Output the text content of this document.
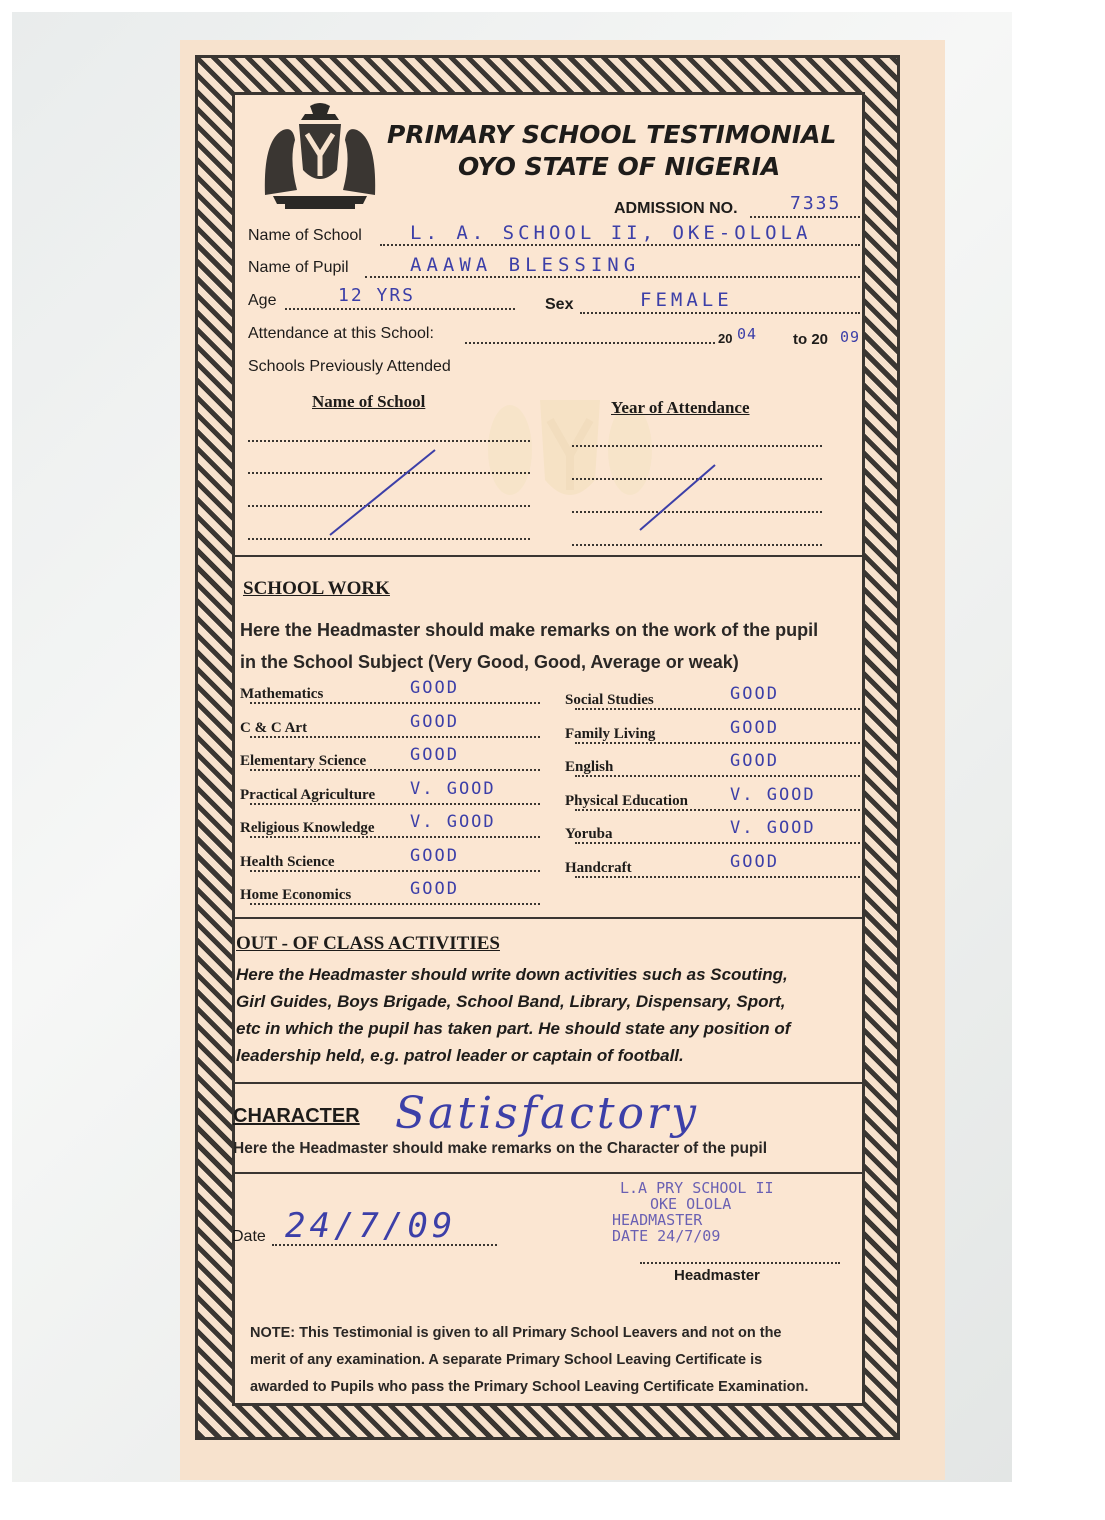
PRIMARY SCHOOL TESTIMONIAL
OYO STATE OF NIGERIA
ADMISSION NO.	7335
Name of School	L. A. SCHOOL II, OKE-OLOLA
Name of Pupil	AAAWA BLESSING
Age	12 YRS	Sex	FEMALE
Attendance at this School:	20 04 to 20 09
Schools Previously Attended
Name of School	Year of Attendance
SCHOOL WORK
Here the Headmaster should make remarks on the work of the pupil
in the School Subject (Very Good, Good, Average or weak)
Mathematics	GOOD
C & C Art	GOOD
Elementary Science	GOOD
Practical Agriculture V. GOOD
Religious Knowledge V. GOOD
Health Science	GOOD
Home Economics	GOOD
Social Studies	GOOD
Family Living	GOOD
English	GOOD
Physical Education V. GOOD
Yoruba	V. GOOD
Handcraft	GOOD
OUT - OF CLASS ACTIVITIES
Here the Headmaster should write down activities such as Scouting,
Girl Guides, Boys Brigade, School Band, Library, Dispensary, Sport,
etc in which the pupil has taken part. He should state any position of
leadership held, e.g. patrol leader or captain of football.
CHARACTER Satisfactory
Here the Headmaster should make remarks on the Character of the pupil
Date 24/7/09
L.A PRY SCHOOL II
OKE OLOLA
HEADMASTER
DATE 24/7/09
Headmaster
NOTE: This Testimonial is given to all Primary School Leavers and not on the
merit of any examination. A separate Primary School Leaving Certificate is
awarded to Pupils who pass the Primary School Leaving Certificate Examination.
